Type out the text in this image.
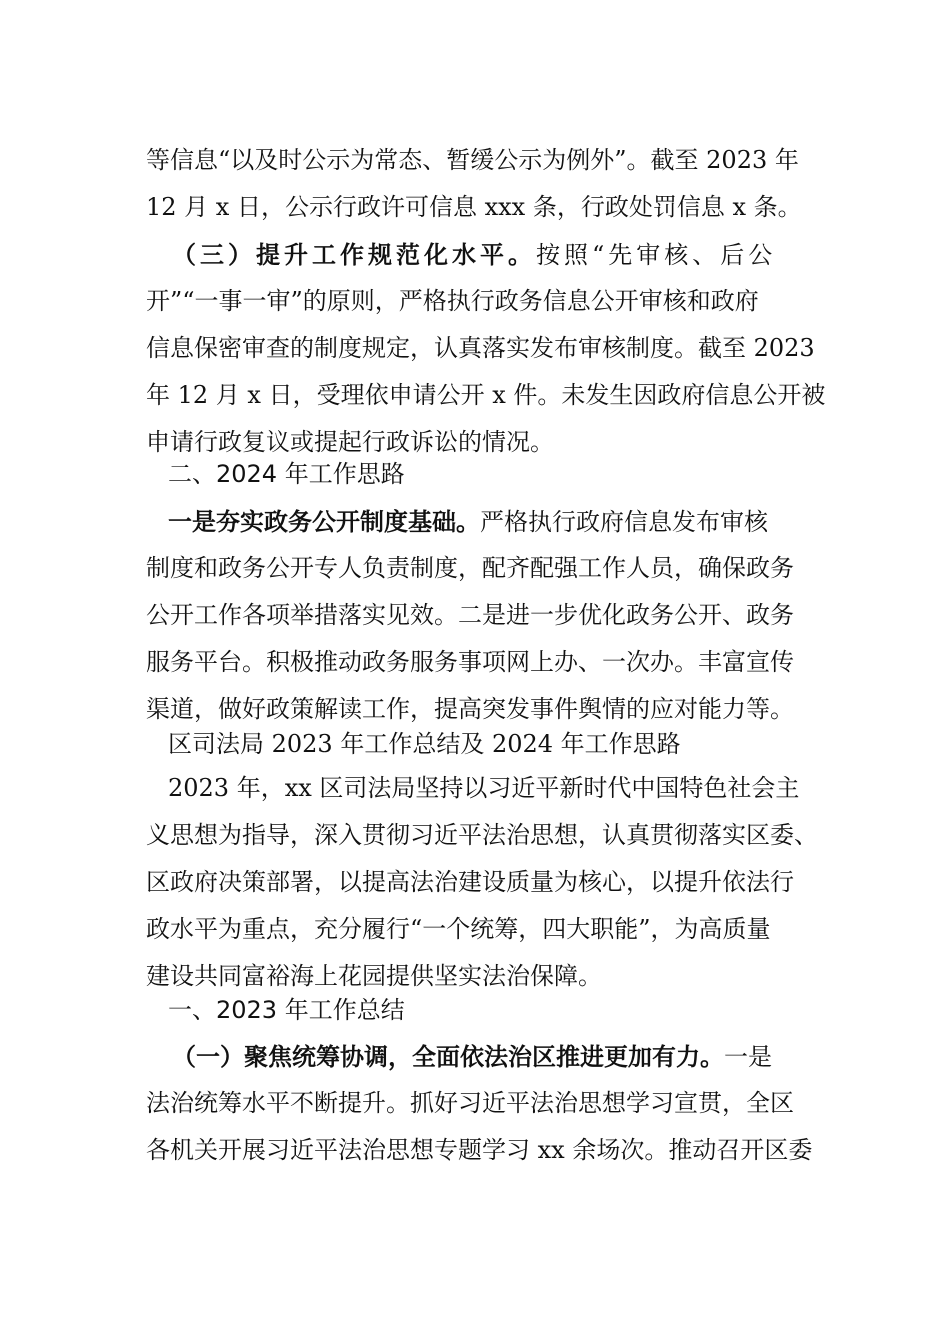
等信息“以及时公示为常态、暂缓公示为例外”。截至 2023 年
12 月 x 日，公示行政许可信息 xxx 条，行政处罚信息 x 条。
（三）提升工作规范化水平。按照“先审核、后公
开”“一事一审”的原则，严格执行政务信息公开审核和政府
信息保密审查的制度规定，认真落实发布审核制度。截至 2023
年 12 月 x 日，受理依申请公开 x 件。未发生因政府信息公开被
申请行政复议或提起行政诉讼的情况。
二、2024 年工作思路
一是夯实政务公开制度基础。严格执行政府信息发布审核
制度和政务公开专人负责制度，配齐配强工作人员，确保政务
公开工作各项举措落实见效。二是进一步优化政务公开、政务
服务平台。积极推动政务服务事项网上办、一次办。丰富宣传
渠道，做好政策解读工作，提高突发事件舆情的应对能力等。
区司法局 2023 年工作总结及 2024 年工作思路
2023 年，xx 区司法局坚持以习近平新时代中国特色社会主
义思想为指导，深入贯彻习近平法治思想，认真贯彻落实区委、
区政府决策部署，以提高法治建设质量为核心，以提升依法行
政水平为重点，充分履行“一个统筹，四大职能”，为高质量
建设共同富裕海上花园提供坚实法治保障。
一、2023 年工作总结
（一）聚焦统筹协调，全面依法治区推进更加有力。一是
法治统筹水平不断提升。抓好习近平法治思想学习宣贯，全区
各机关开展习近平法治思想专题学习 xx 余场次。推动召开区委
